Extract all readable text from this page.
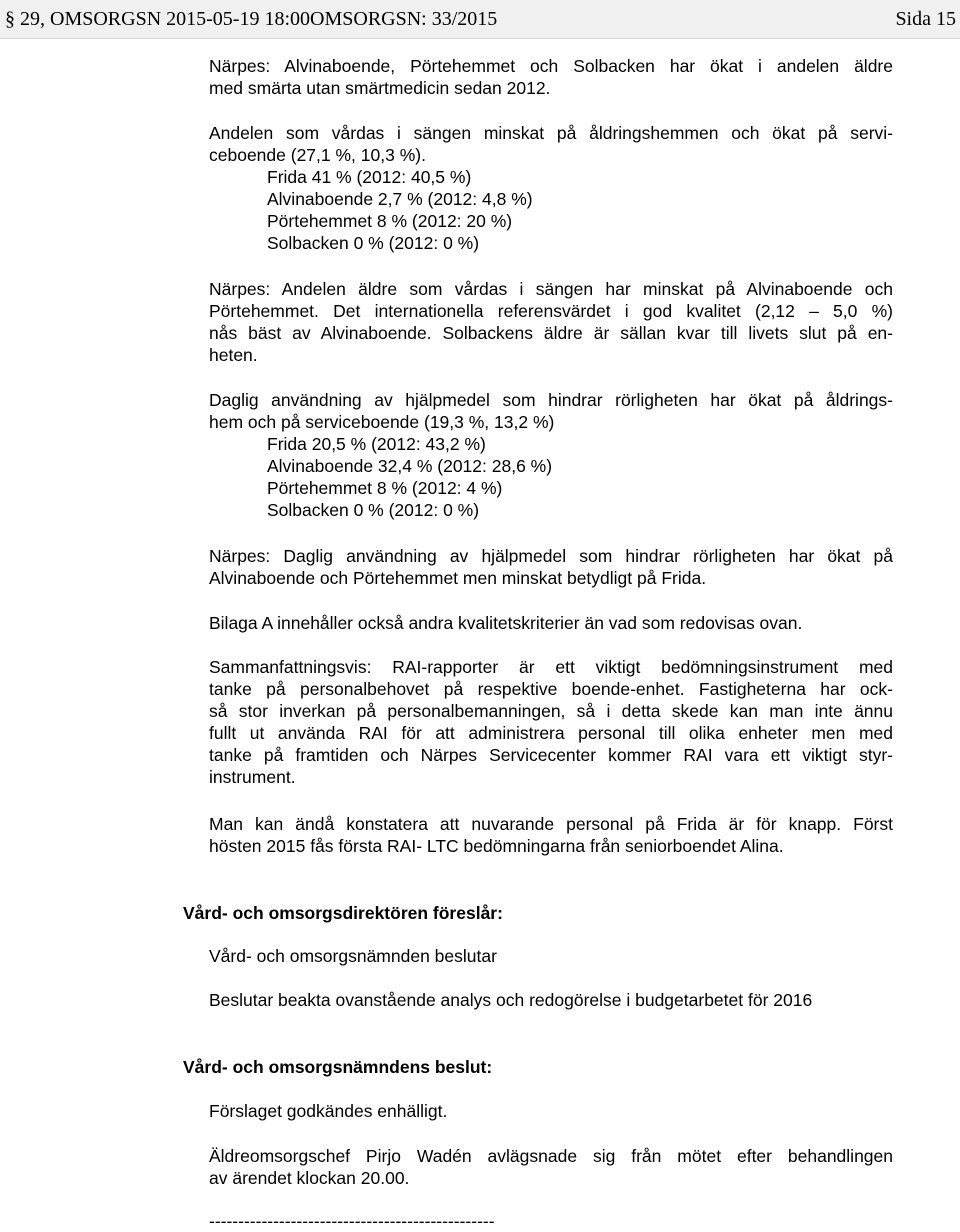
§ 29, OMSORGSN 2015-05-19 18:00OMSORGSN: 33/2015	Sida 15
Närpes: Alvinaboende, Pörtehemmet och Solbacken har ökat i andelen äldre
med smärta utan smärtmedicin sedan 2012.
Andelen som vårdas i sängen minskat på åldringshemmen och ökat på servi-
ceboende (27,1 %, 10,3 %).
Frida 41 % (2012: 40,5 %)
Alvinaboende 2,7 % (2012: 4,8 %)
Pörtehemmet 8 % (2012: 20 %)
Solbacken 0 % (2012: 0 %)
Närpes: Andelen äldre som vårdas i sängen har minskat på Alvinaboende och
Pörtehemmet. Det internationella referensvärdet i god kvalitet (2,12 – 5,0 %)
nås bäst av Alvinaboende. Solbackens äldre är sällan kvar till livets slut på en-
heten.
Daglig användning av hjälpmedel som hindrar rörligheten har ökat på åldrings-
hem och på serviceboende (19,3 %, 13,2 %)
Frida 20,5 % (2012: 43,2 %)
Alvinaboende 32,4 % (2012: 28,6 %)
Pörtehemmet 8 % (2012: 4 %)
Solbacken 0 % (2012: 0 %)
Närpes: Daglig användning av hjälpmedel som hindrar rörligheten har ökat på
Alvinaboende och Pörtehemmet men minskat betydligt på Frida.
Bilaga A innehåller också andra kvalitetskriterier än vad som redovisas ovan.
Sammanfattningsvis: RAI-rapporter är ett viktigt bedömningsinstrument med
tanke på personalbehovet på respektive boende-enhet. Fastigheterna har ock-
så stor inverkan på personalbemanningen, så i detta skede kan man inte ännu
fullt ut använda RAI för att administrera personal till olika enheter men med
tanke på framtiden och Närpes Servicecenter kommer RAI vara ett viktigt styr-
instrument.
Man kan ändå konstatera att nuvarande personal på Frida är för knapp. Först
hösten 2015 fås första RAI- LTC bedömningarna från seniorboendet Alina.
Vård- och omsorgsdirektören föreslår:
Vård- och omsorgsnämnden beslutar
Beslutar beakta ovanstående analys och redogörelse i budgetarbetet för 2016
Vård- och omsorgsnämndens beslut:
Förslaget godkändes enhälligt.
Äldreomsorgschef Pirjo Wadén avlägsnade sig från mötet efter behandlingen
av ärendet klockan 20.00.
-------------------------------------------------
